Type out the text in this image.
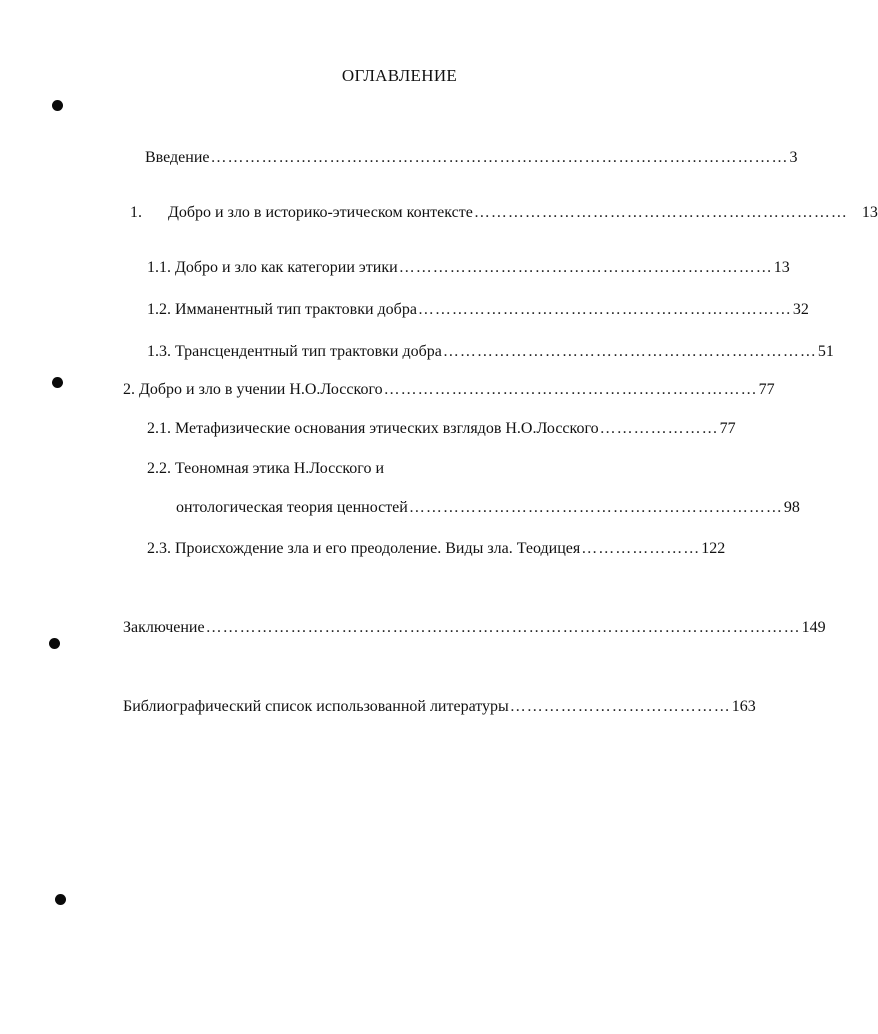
ОГЛАВЛЕНИЕ
Введение ………………………………………………………………………………………… 3
1.	Добро и зло в историко-этическом контексте ………………………………………………………… 13
1.1. Добро и зло как категории этики ………………………………………………………… 13
1.2. Имманентный тип трактовки добра ………………………………………………………… 32
1.3. Трансцендентный тип трактовки добра ………………………………………………………… 51
2. Добро и зло в учении Н.О.Лосского ………………………………………………………… 77
2.1. Метафизические основания этических взглядов Н.О.Лосского ………………… 77
2.2. Теономная этика Н.Лосского и
онтологическая теория ценностей ………………………………………………………… 98
2.3. Происхождение зла и его преодоление. Виды зла. Теодицея ………………… 122
Заключение …………………………………………………………………………………………… 149
Библиографический список использованной литературы ………………………………… 163
